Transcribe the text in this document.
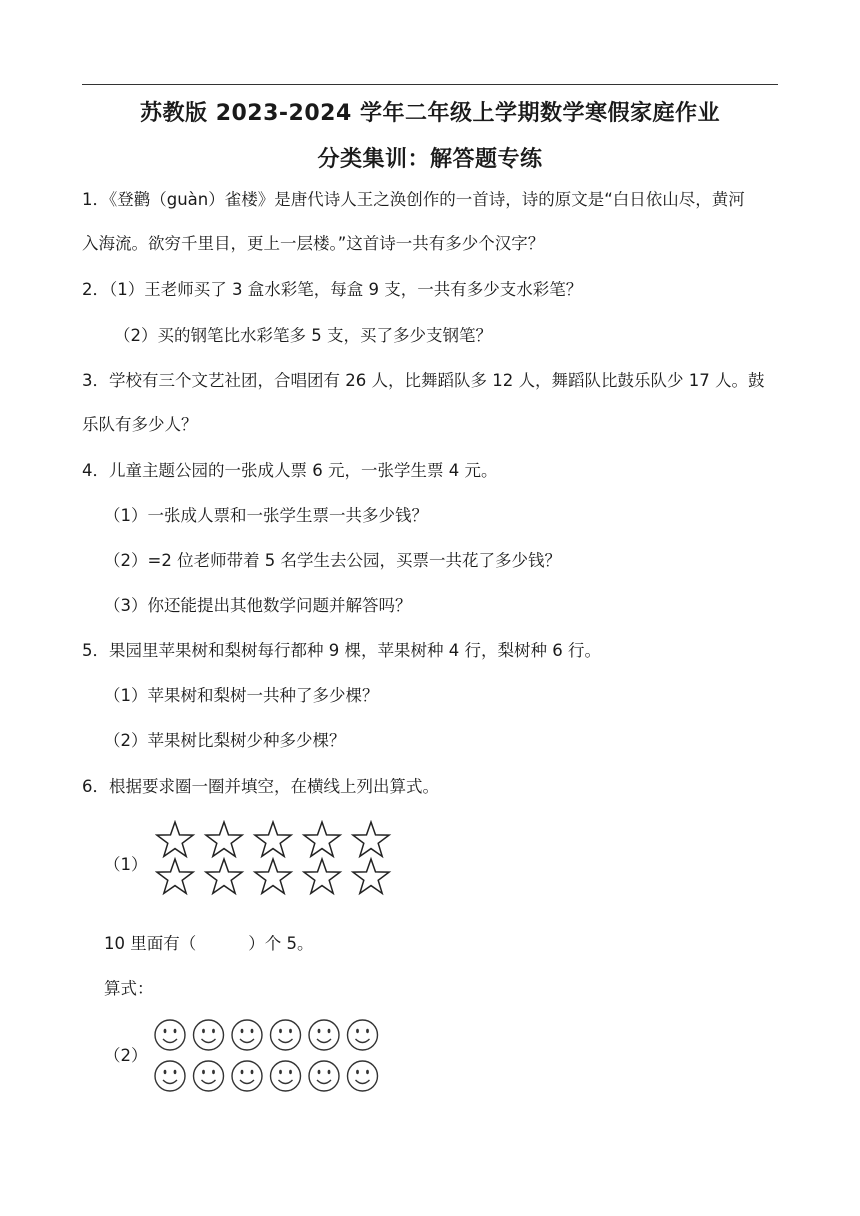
苏教版 2023-2024 学年二年级上学期数学寒假家庭作业
分类集训：解答题专练
1．《登鹳（guàn）雀楼》是唐代诗人王之涣创作的一首诗，诗的原文是“白日依山尽，黄河
入海流。欲穷千里目，更上一层楼。”这首诗一共有多少个汉字？
2．（1）王老师买了 3 盒水彩笔，每盒 9 支，一共有多少支水彩笔？
（2）买的钢笔比水彩笔多 5 支，买了多少支钢笔？
3．学校有三个文艺社团，合唱团有 26 人，比舞蹈队多 12 人，舞蹈队比鼓乐队少 17 人。鼓
乐队有多少人？
4．儿童主题公园的一张成人票 6 元，一张学生票 4 元。
（1）一张成人票和一张学生票一共多少钱？
（2）=2 位老师带着 5 名学生去公园，买票一共花了多少钱？
（3）你还能提出其他数学问题并解答吗？
5．果园里苹果树和梨树每行都种 9 棵，苹果树种 4 行，梨树种 6 行。
（1）苹果树和梨树一共种了多少棵？
（2）苹果树比梨树少种多少棵？
6．根据要求圈一圈并填空，在横线上列出算式。
（1）
10 里面有（	）个 5。
算式：
（2）
